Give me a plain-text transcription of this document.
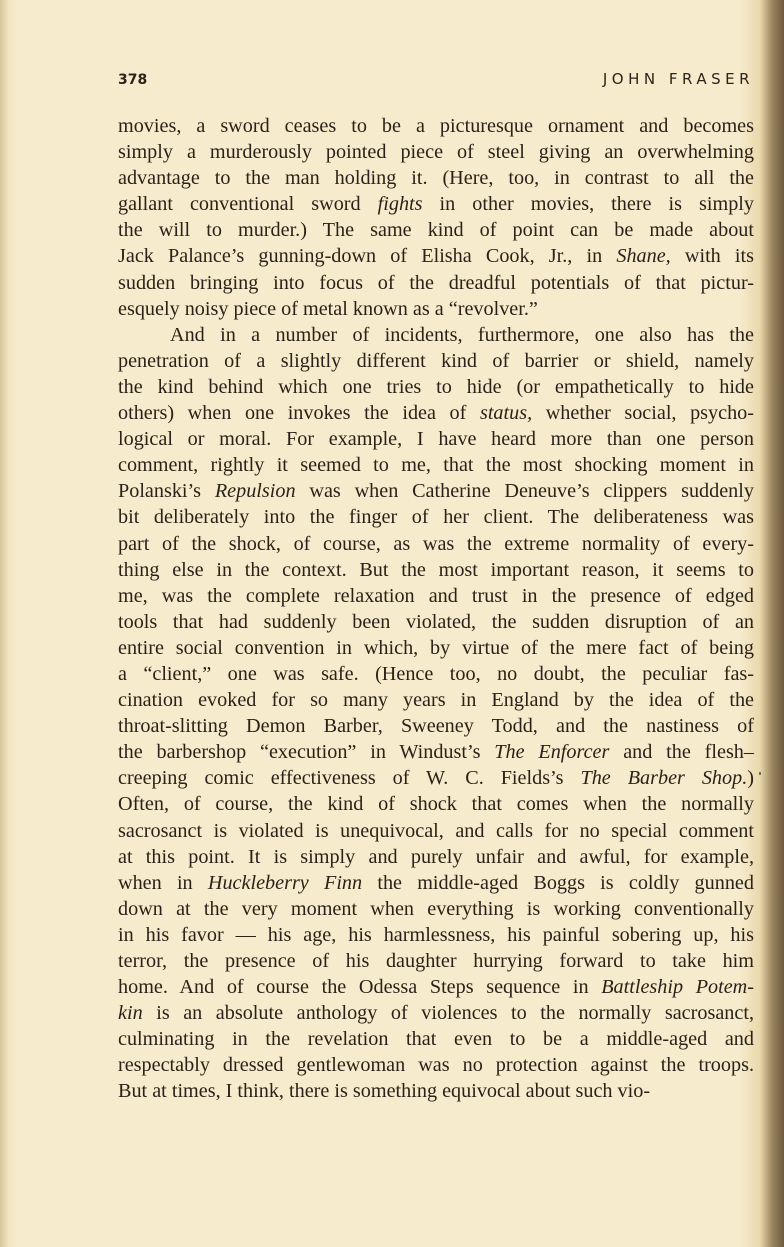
378	JOHN FRASER

movies, a sword ceases to be a picturesque ornament and becomes
simply a murderously pointed piece of steel giving an overwhelming
advantage to the man holding it. (Here, too, in contrast to all the
gallant conventional sword fights in other movies, there is simply
the will to murder.) The same kind of point can be made about
Jack Palance’s gunning-down of Elisha Cook, Jr., in Shane, with its
sudden bringing into focus of the dreadful potentials of that pictur-
esquely noisy piece of metal known as a “revolver.”

And in a number of incidents, furthermore, one also has the
penetration of a slightly different kind of barrier or shield, namely
the kind behind which one tries to hide (or empathetically to hide
others) when one invokes the idea of status, whether social, psycho-
logical or moral. For example, I have heard more than one person
comment, rightly it seemed to me, that the most shocking moment in
Polanski’s Repulsion was when Catherine Deneuve’s clippers suddenly
bit deliberately into the finger of her client. The deliberateness was
part of the shock, of course, as was the extreme normality of every-
thing else in the context. But the most important reason, it seems to
me, was the complete relaxation and trust in the presence of edged
tools that had suddenly been violated, the sudden disruption of an
entire social convention in which, by virtue of the mere fact of being
a “client,” one was safe. (Hence too, no doubt, the peculiar fas-
cination evoked for so many years in England by the idea of the
throat-slitting Demon Barber, Sweeney Todd, and the nastiness of
the barbershop “execution” in Windust’s The Enforcer and the flesh–
creeping comic effectiveness of W. C. Fields’s The Barber Shop.)
Often, of course, the kind of shock that comes when the normally
sacrosanct is violated is unequivocal, and calls for no special comment
at this point. It is simply and purely unfair and awful, for example,
when in Huckleberry Finn the middle-aged Boggs is coldly gunned
down at the very moment when everything is working conventionally
in his favor — his age, his harmlessness, his painful sobering up, his
terror, the presence of his daughter hurrying forward to take him
home. And of course the Odessa Steps sequence in Battleship Potem-
kin is an absolute anthology of violences to the normally sacrosanct,
culminating in the revelation that even to be a middle-aged and
respectably dressed gentlewoman was no protection against the troops.
But at times, I think, there is something equivocal about such vio-
